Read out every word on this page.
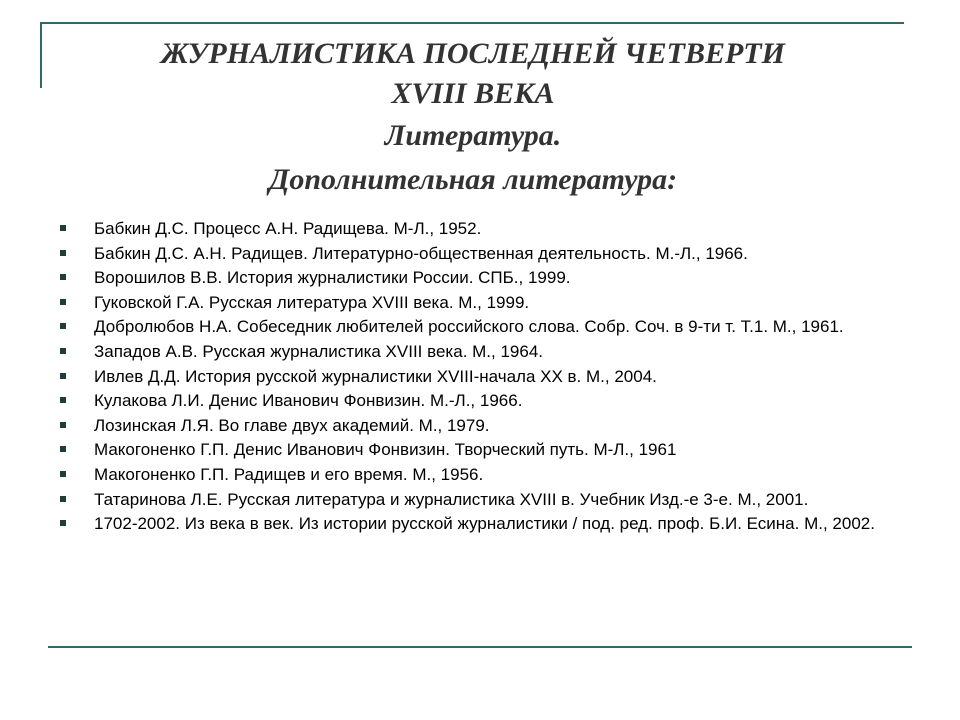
ЖУРНАЛИСТИКА ПОСЛЕДНЕЙ ЧЕТВЕРТИ
XVIII ВЕКА
Литература.
Дополнительная литература:
Бабкин Д.С. Процесс А.Н. Радищева. М-Л., 1952.
Бабкин Д.С. А.Н. Радищев. Литературно-общественная деятельность. М.-Л., 1966.
Ворошилов В.В. История журналистики России. СПБ., 1999.
Гуковской Г.А. Русская литература XVIII века. М., 1999.
Добролюбов Н.А. Собеседник любителей российского слова. Собр. Соч. в 9-ти т. Т.1. М., 1961.
Западов А.В. Русская журналистика XVIII века. М., 1964.
Ивлев Д.Д. История русской журналистики XVIII-начала XX в. М., 2004.
Кулакова Л.И. Денис Иванович Фонвизин. М.-Л., 1966.
Лозинская Л.Я. Во главе двух академий. М., 1979.
Макогоненко Г.П. Денис Иванович Фонвизин. Творческий путь. М-Л., 1961
Макогоненко Г.П. Радищев и его время. М., 1956.
Татаринова Л.Е. Русская литература и журналистика XVIII в. Учебник Изд.-е 3-е. М., 2001.
1702-2002. Из века в век. Из истории русской журналистики / под. ред. проф. Б.И. Есина. М., 2002.
